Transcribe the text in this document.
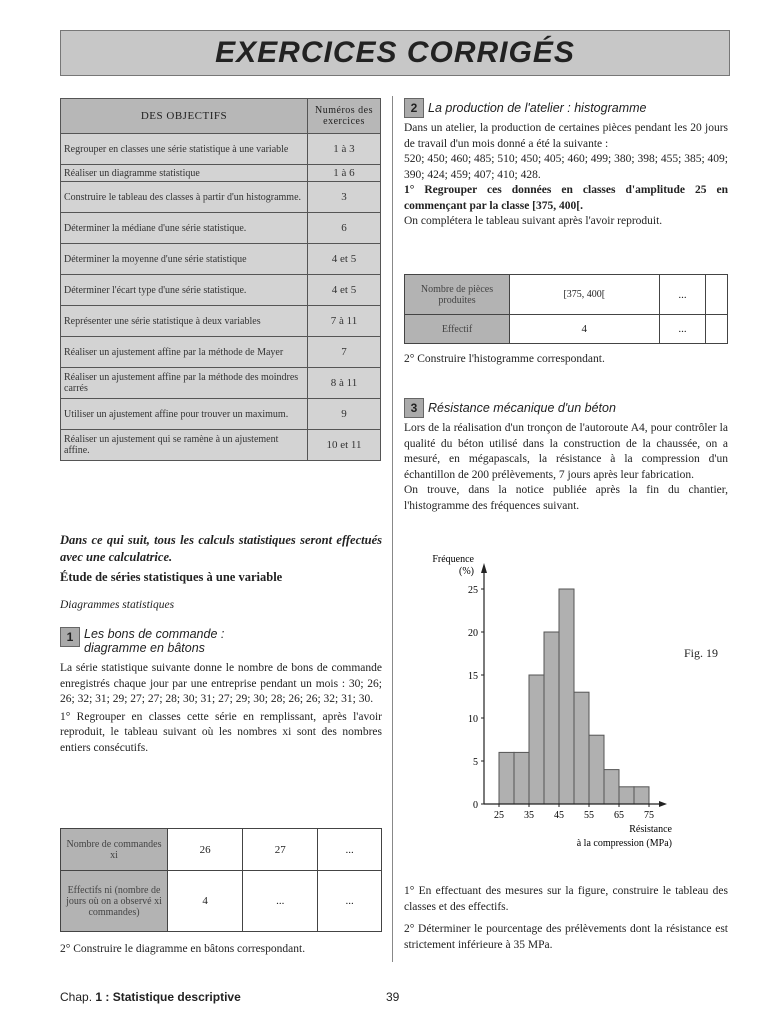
EXERCICES CORRIGÉS
DES OBJECTIFS	Numéros des exercices
Regrouper en classes une série statistique à une variable	1 à 3
Réaliser un diagramme statistique	1 à 6
Construire le tableau des classes à partir d'un histogramme.	3
Déterminer la médiane d'une série statistique.	6
Déterminer la moyenne d'une série statistique	4 et 5
Déterminer l'écart type d'une série statistique.	4 et 5
Représenter une série statistique à deux variables	7 à 11
Réaliser un ajustement affine par la méthode de Mayer	7
Réaliser un ajustement affine par la méthode des moindres carrés	8 à 11
Utiliser un ajustement affine pour trouver un maximum.	9
Réaliser un ajustement qui se ramène à un ajustement affine.	10 et 11

Dans ce qui suit, tous les calculs statistiques seront effectués avec une calculatrice.

Étude de séries statistiques à une variable

Diagrammes statistiques

1 Les bons de commande : diagramme en bâtons

La série statistique suivante donne le nombre de bons de commande enregistrés chaque jour par une entreprise pendant un mois : 30; 26; 26; 32; 31; 29; 27; 27; 28; 30; 31; 27; 29; 30; 28; 26; 26; 32; 31; 30.

1° Regrouper en classes cette série en remplissant, après l'avoir reproduit, le tableau suivant où les nombres xi sont des nombres entiers consécutifs.

Nombre de commandes xi	26	27	...
Effectifs ni (nombre de jours où on a observé xi commandes)	4	...	...

2° Construire le diagramme en bâtons correspondant.

2 La production de l'atelier : histogramme

Dans un atelier, la production de certaines pièces pendant les 20 jours de travail d'un mois donné a été la suivante :

520; 450; 460; 485; 510; 450; 405; 460; 499; 380; 398; 455; 385; 409; 390; 424; 459; 407; 410; 428.

1° Regrouper ces données en classes d'amplitude 25 en commençant par la classe [375, 400[.

On complétera le tableau suivant après l'avoir reproduit.

Nombre de pièces produites	[375, 400[	...	
Effectif	4	...	

2° Construire l'histogramme correspondant.

3 Résistance mécanique d'un béton

Lors de la réalisation d'un tronçon de l'autoroute A4, pour contrôler la qualité du béton utilisé dans la construction de la chaussée, on a mesuré, en mégapascals, la résistance à la compression d'un échantillon de 200 prélèvements, 7 jours après leur fabrication.

On trouve, dans la notice publiée après la fin du chantier, l'histogramme des fréquences suivant.

0
5
10
15
20
25
25 35 45 55 65 75
Fréquence
(%)
Résistance
à la compression (MPa)
Fig. 19

1° En effectuant des mesures sur la figure, construire le tableau des classes et des effectifs.

2° Déterminer le pourcentage des prélèvements dont la résistance est strictement inférieure à 35 MPa.

Chap. 1 : Statistique descriptive	39
